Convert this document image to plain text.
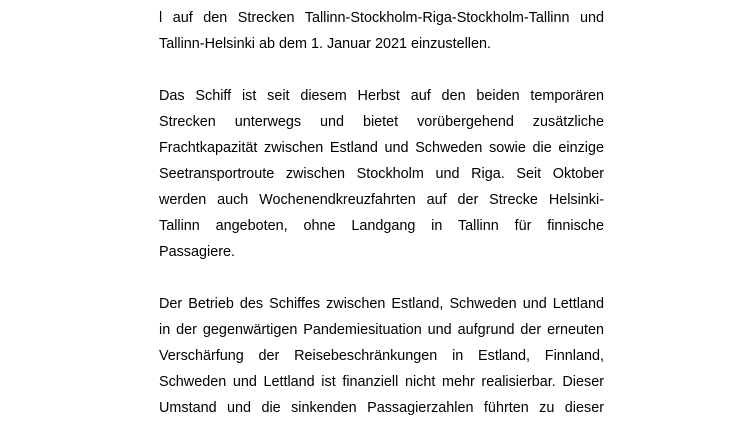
l auf den Strecken Tallinn-Stockholm-Riga-Stockholm-Tallinn und
Tallinn-Helsinki ab dem 1. Januar 2021 einzustellen.
Das Schiff ist seit diesem Herbst auf den beiden temporären
Strecken unterwegs und bietet vorübergehend zusätzliche
Frachtkapazität zwischen Estland und Schweden sowie die einzige
Seetransportroute zwischen Stockholm und Riga. Seit Oktober
werden auch Wochenendkreuzfahrten auf der Strecke Helsinki-
Tallinn angeboten, ohne Landgang in Tallinn für finnische
Passagiere.
Der Betrieb des Schiffes zwischen Estland, Schweden und Lettland
in der gegenwärtigen Pandemiesituation und aufgrund der erneuten
Verschärfung der Reisebeschränkungen in Estland, Finnland,
Schweden und Lettland ist finanziell nicht mehr realisierbar. Dieser
Umstand und die sinkenden Passagierzahlen führten zu dieser
